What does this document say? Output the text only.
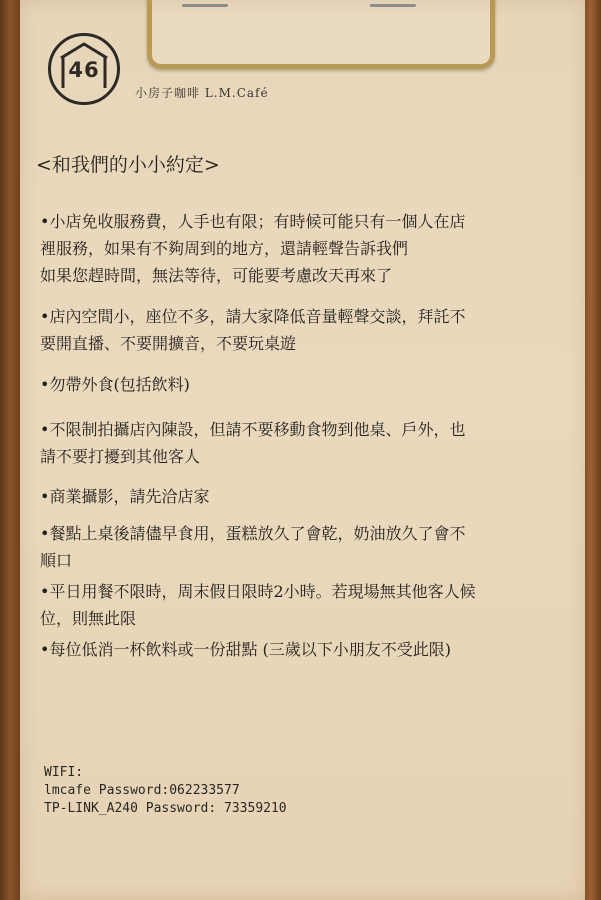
46
小房子咖啡 L.M.Café
<和我們的小小約定>
•小店免收服務費，人手也有限；有時候可能只有一個人在店
裡服務，如果有不夠周到的地方，還請輕聲告訴我們
如果您趕時間，無法等待，可能要考慮改天再來了
•店內空間小，座位不多，請大家降低音量輕聲交談，拜託不
要開直播、不要開擴音，不要玩桌遊
•勿帶外食(包括飲料)
•不限制拍攝店內陳設，但請不要移動食物到他桌、戶外，也
請不要打擾到其他客人
•商業攝影，請先洽店家
•餐點上桌後請儘早食用，蛋糕放久了會乾，奶油放久了會不
順口
•平日用餐不限時，周末假日限時2小時。若現場無其他客人候
位，則無此限
•每位低消一杯飲料或一份甜點 (三歲以下小朋友不受此限)
WIFI:
lmcafe Password:062233577
TP-LINK_A240 Password: 73359210
